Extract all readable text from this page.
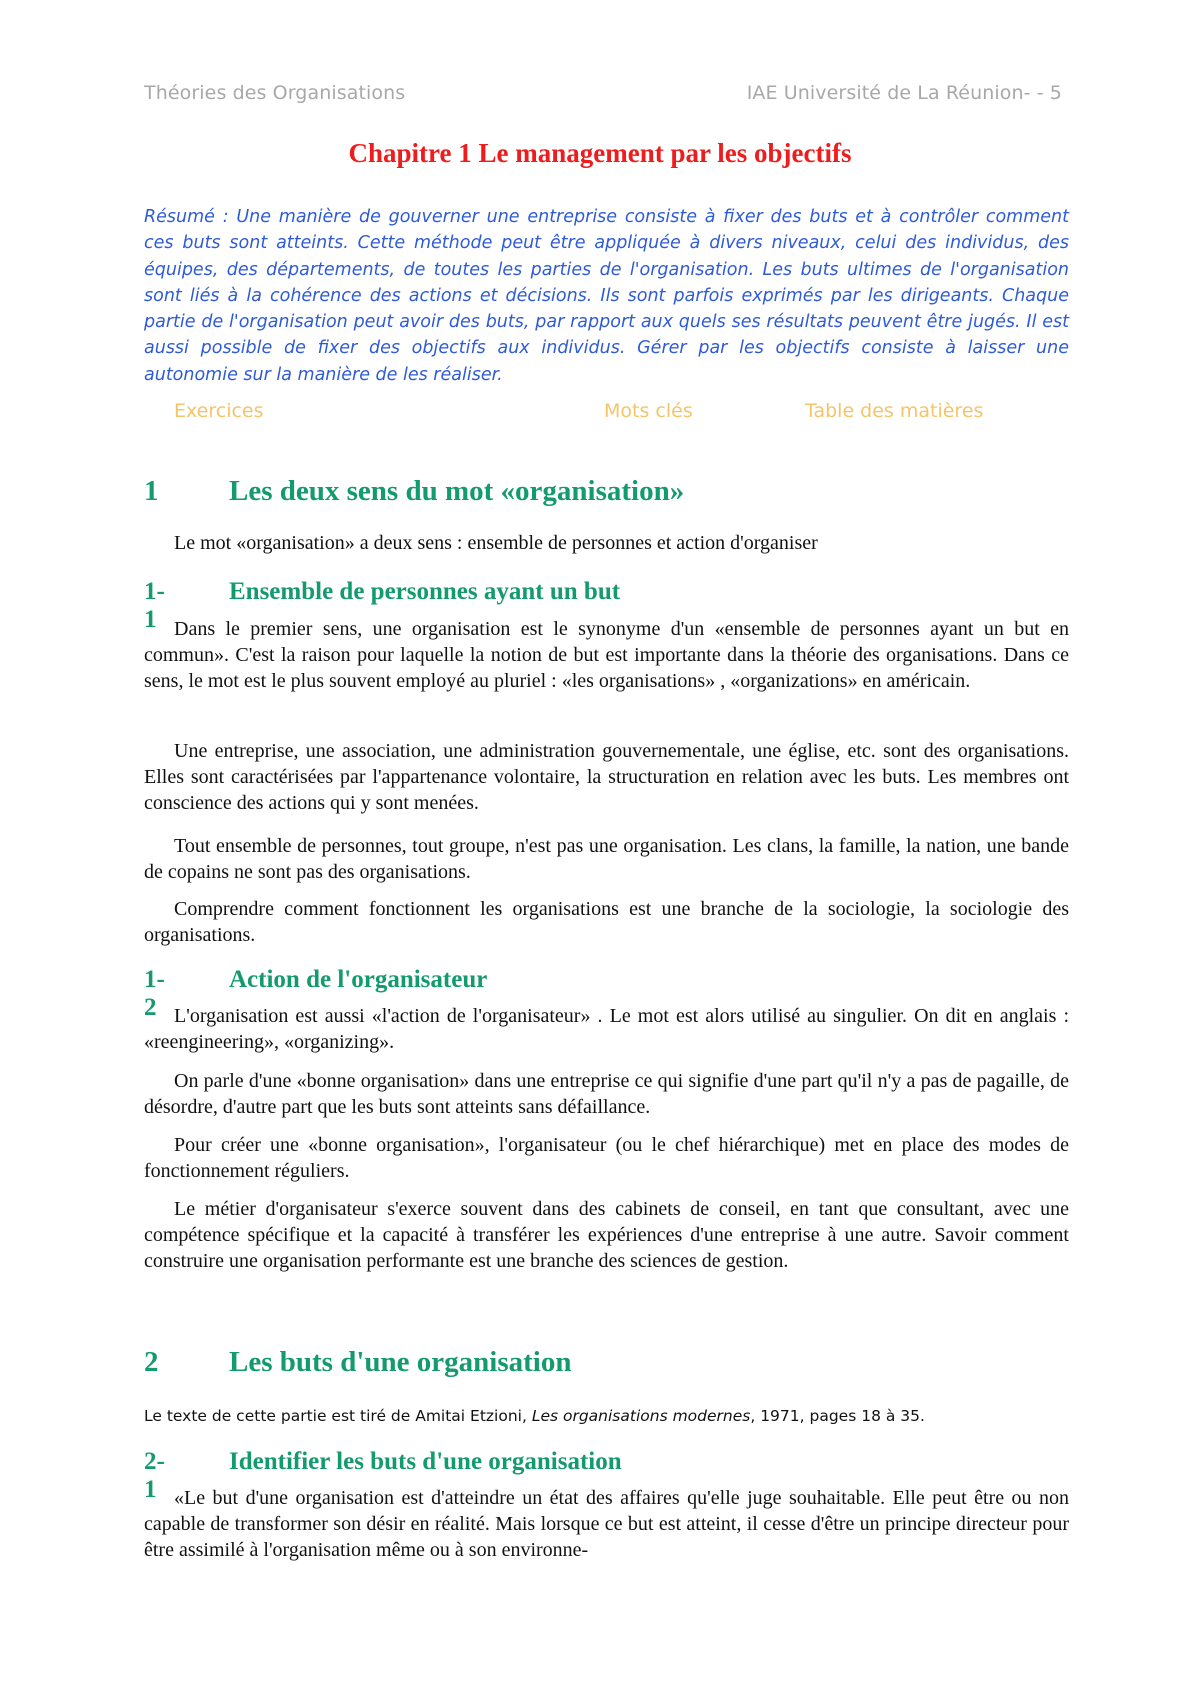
Théories des Organisations	IAE Université de La Réunion- - 5
Chapitre 1 Le management par les objectifs
Résumé : Une manière de gouverner une entreprise consiste à fixer des buts et à contrôler comment ces buts sont atteints. Cette méthode peut être appliquée à divers niveaux, celui des individus, des équipes, des départements, de toutes les parties de l'organisation. Les buts ultimes de l'organisation sont liés à la cohérence des actions et décisions. Ils sont parfois exprimés par les dirigeants. Chaque partie de l'organisation peut avoir des buts, par rapport aux quels ses résultats peuvent être jugés. Il est aussi possible de fixer des objectifs aux individus. Gérer par les objectifs consiste à laisser une autonomie sur la manière de les réaliser.
Exercices	Mots clés	Table des matières
1 Les deux sens du mot «organisation»
Le mot «organisation» a deux sens : ensemble de personnes et action d'organiser
1-1
Ensemble de personnes ayant un but
Dans le premier sens, une organisation est le synonyme d'un «ensemble de personnes ayant un but en commun». C'est la raison pour laquelle la notion de but est importante dans la théorie des organisations. Dans ce sens, le mot est le plus souvent employé au pluriel : «les organisations» , «organizations» en américain.
Une entreprise, une association, une administration gouvernementale, une église, etc. sont des organisations. Elles sont caractérisées par l'appartenance volontaire, la structuration en relation avec les buts. Les membres ont conscience des actions qui y sont menées.
Tout ensemble de personnes, tout groupe, n'est pas une organisation. Les clans, la famille, la nation, une bande de copains ne sont pas des organisations.
Comprendre comment fonctionnent les organisations est une branche de la sociologie, la sociologie des organisations.
1-2
Action de l'organisateur
L'organisation est aussi «l'action de l'organisateur» . Le mot est alors utilisé au singulier. On dit en anglais : «reengineering», «organizing».
On parle d'une «bonne organisation» dans une entreprise ce qui signifie d'une part qu'il n'y a pas de pagaille, de désordre, d'autre part que les buts sont atteints sans défaillance.
Pour créer une «bonne organisation», l'organisateur (ou le chef hiérarchique) met en place des modes de fonctionnement réguliers.
Le métier d'organisateur s'exerce souvent dans des cabinets de conseil, en tant que consultant, avec une compétence spécifique et la capacité à transférer les expériences d'une entreprise à une autre. Savoir comment construire une organisation performante est une branche des sciences de gestion.
2 Les buts d'une organisation
Le texte de cette partie est tiré de Amitai Etzioni, Les organisations modernes, 1971, pages 18 à 35.
2-1
Identifier les buts d'une organisation
«Le but d'une organisation est d'atteindre un état des affaires qu'elle juge souhaitable. Elle peut être ou non capable de transformer son désir en réalité. Mais lorsque ce but est atteint, il cesse d'être un principe directeur pour être assimilé à l'organisation même ou à son environne-
